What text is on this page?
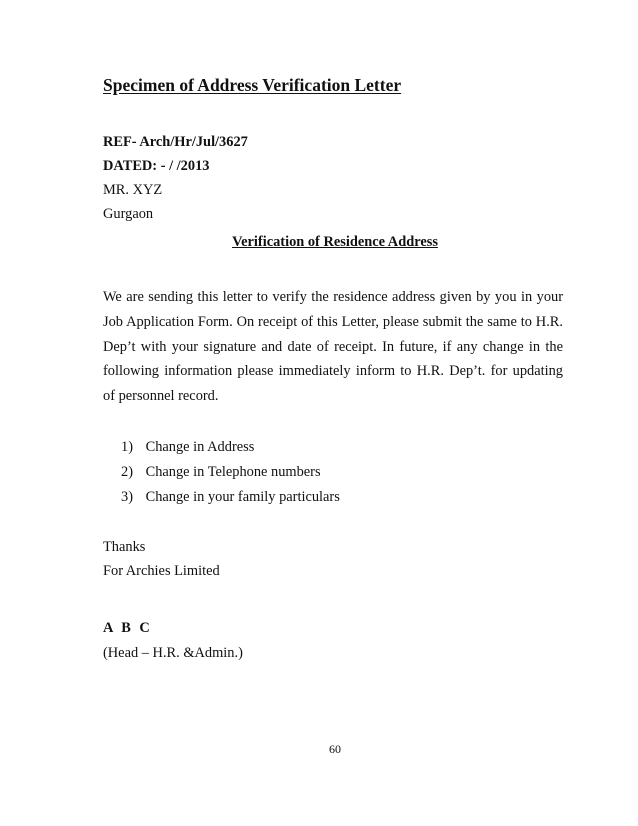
Specimen of Address Verification Letter
REF- Arch/Hr/Jul/3627
DATED: - / /2013
MR. XYZ
Gurgaon
Verification of Residence Address
We are sending this letter to verify the residence address given by you in your Job Application Form. On receipt of this Letter, please submit the same to H.R. Dep’t with your signature and date of receipt. In future, if any change in the following information please immediately inform to H.R. Dep’t. for updating of personnel record.
1) Change in Address
2) Change in Telephone numbers
3) Change in your family particulars
Thanks
For Archies Limited
A B C
(Head – H.R. &Admin.)
60
